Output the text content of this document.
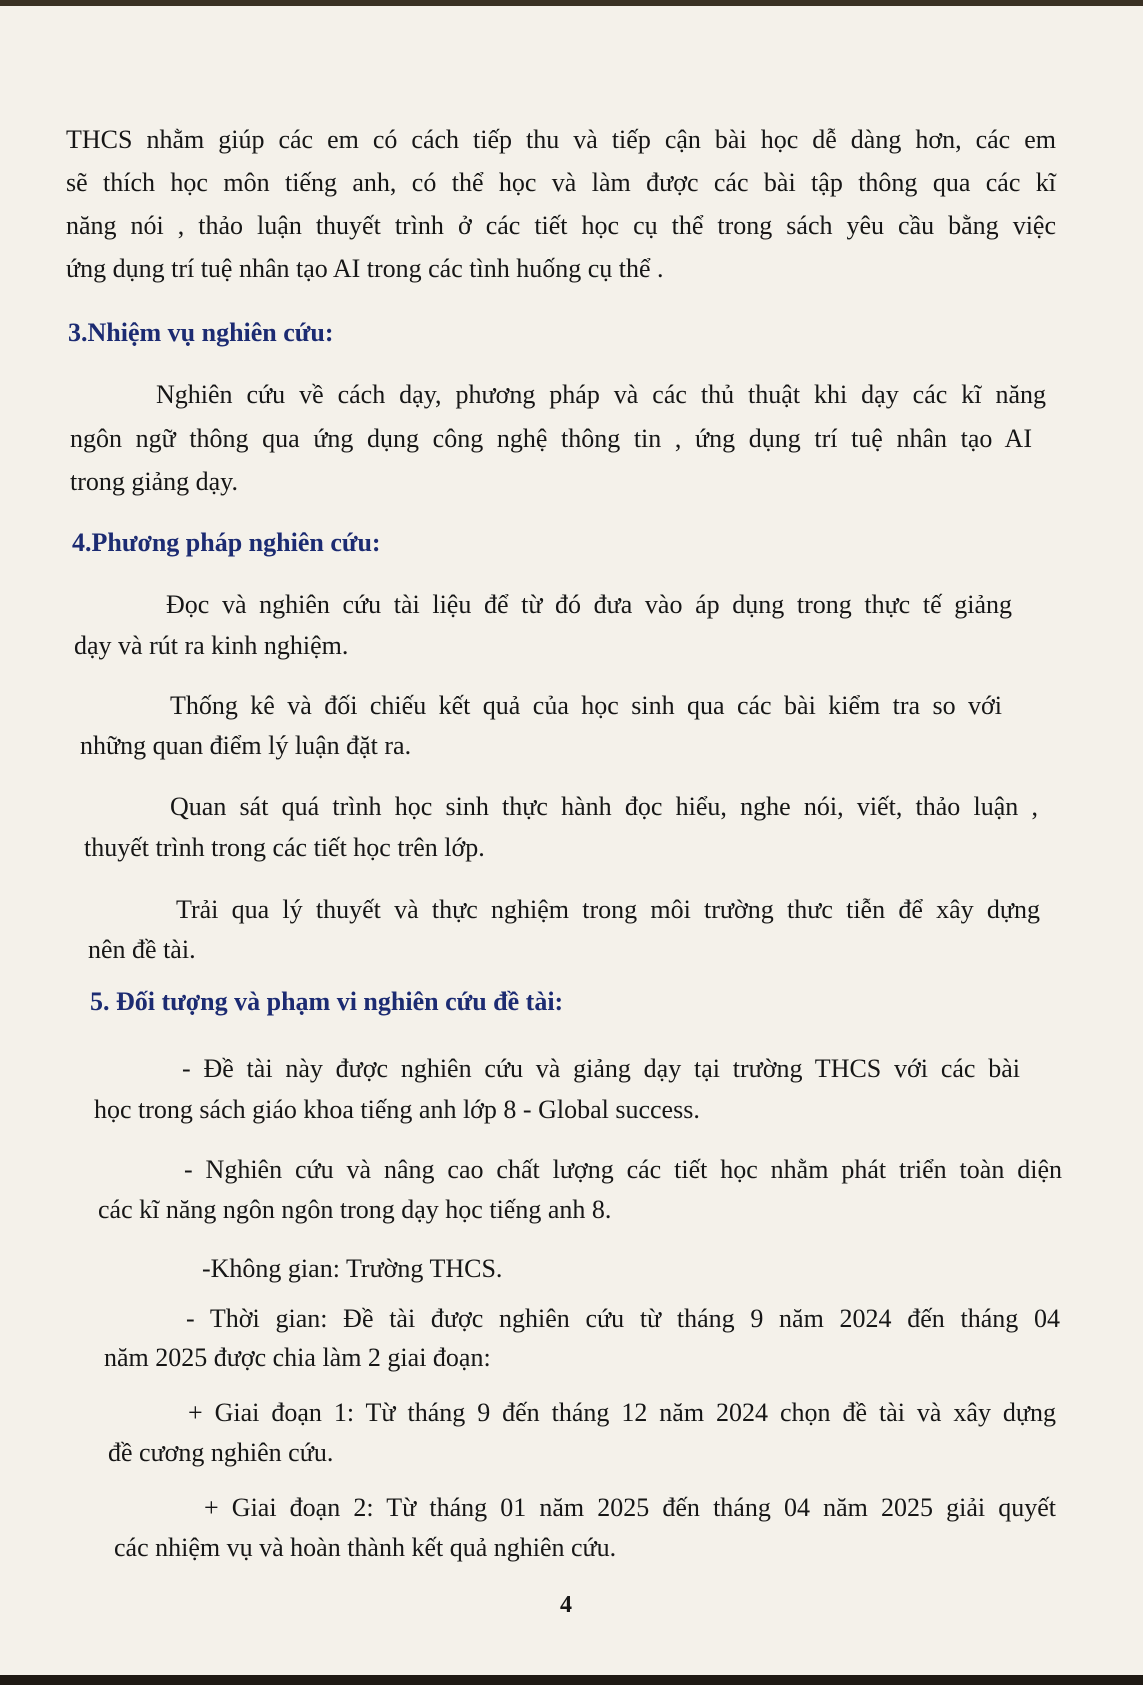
THCS nhằm giúp các em có cách tiếp thu và tiếp cận bài học dễ dàng hơn, các em

sẽ thích học môn tiếng anh, có thể học và làm được các bài tập thông qua các kĩ

năng nói , thảo luận thuyết trình ở các tiết học cụ thể trong sách yêu cầu bằng việc

ứng dụng trí tuệ nhân tạo AI trong các tình huống cụ thể .

3.Nhiệm vụ nghiên cứu:

Nghiên cứu về cách dạy, phương pháp và các thủ thuật khi dạy các kĩ năng

ngôn ngữ thông qua ứng dụng công nghệ thông tin , ứng dụng trí tuệ nhân tạo AI

trong giảng dạy.

4.Phương pháp nghiên cứu:

Đọc và nghiên cứu tài liệu để từ đó đưa vào áp dụng trong thực tế giảng

dạy và rút ra kinh nghiệm.

Thống kê và đối chiếu kết quả của học sinh qua các bài kiểm tra so với

những quan điểm lý luận đặt ra.

Quan sát quá trình học sinh thực hành đọc hiểu, nghe nói, viết, thảo luận ,

thuyết trình trong các tiết học trên lớp.

Trải qua lý thuyết và thực nghiệm trong môi trường thưc tiễn để xây dựng

nên đề tài.

5. Đối tượng và phạm vi nghiên cứu đề tài:

- Đề tài này được nghiên cứu và giảng dạy tại trường THCS với các bài

học trong sách giáo khoa tiếng anh lớp 8 - Global success.

- Nghiên cứu và nâng cao chất lượng các tiết học nhằm phát triển toàn diện

các kĩ năng ngôn ngôn trong dạy học tiếng anh 8.

-Không gian: Trường THCS.

- Thời gian: Đề tài được nghiên cứu từ tháng 9 năm 2024 đến tháng 04

năm 2025 được chia làm 2 giai đoạn:

+ Giai đoạn 1: Từ tháng 9 đến tháng 12 năm 2024 chọn đề tài và xây dựng

đề cương nghiên cứu.

+ Giai đoạn 2: Từ tháng 01 năm 2025 đến tháng 04 năm 2025 giải quyết

các nhiệm vụ và hoàn thành kết quả nghiên cứu.

4
